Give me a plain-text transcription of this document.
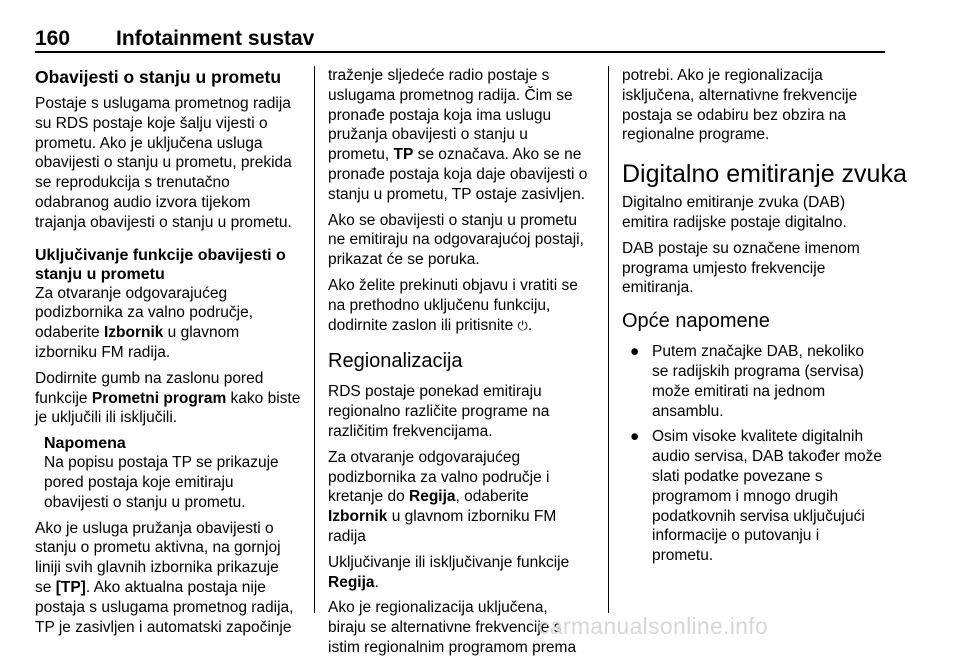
160 Infotainment sustav

Obavijesti o stanju u prometu

Postaje s uslugama prometnog radija

su RDS postaje koje šalju vijesti o

prometu. Ako je uključena usluga

obavijesti o stanju u prometu, prekida

se reprodukcija s trenutačno

odabranog audio izvora tijekom

trajanja obavijesti o stanju u prometu.

Uključivanje funkcije obavijesti o

stanju u prometu

Za otvaranje odgovarajućeg

podizbornika za valno područje,

odaberite Izbornik u glavnom

izborniku FM radija.

Dodirnite gumb na zaslonu pored

funkcije Prometni program kako biste

je uključili ili isključili.

Napomena

Na popisu postaja TP se prikazuje

pored postaja koje emitiraju

obavijesti o stanju u prometu.

Ako je usluga pružanja obavijesti o

stanju o prometu aktivna, na gornjoj

liniji svih glavnih izbornika prikazuje

se [TP]. Ako aktualna postaja nije

postaja s uslugama prometnog radija,

TP je zasivljen i automatski započinje

traženje sljedeće radio postaje s

uslugama prometnog radija. Čim se

pronađe postaja koja ima uslugu

pružanja obavijesti o stanju u

prometu, TP se označava. Ako se ne

pronađe postaja koja daje obavijesti o

stanju u prometu, TP ostaje zasivljen.

Ako se obavijesti o stanju u prometu

ne emitiraju na odgovarajućoj postaji,

prikazat će se poruka.

Ako želite prekinuti objavu i vratiti se

na prethodno uključenu funkciju,

dodirnite zaslon ili pritisnite ⏻.

Regionalizacija

RDS postaje ponekad emitiraju

regionalno različite programe na

različitim frekvencijama.

Za otvaranje odgovarajućeg

podizbornika za valno područje i

kretanje do Regija, odaberite

Izbornik u glavnom izborniku FM

radija

Uključivanje ili isključivanje funkcije

Regija.

Ako je regionalizacija uključena,

biraju se alternativne frekvencije s

istim regionalnim programom prema

potrebi. Ako je regionalizacija

isključena, alternativne frekvencije

postaja se odabiru bez obzira na

regionalne programe.

Digitalno emitiranje zvuka

Digitalno emitiranje zvuka (DAB)

emitira radijske postaje digitalno.

DAB postaje su označene imenom

programa umjesto frekvencije

emitiranja.

Opće napomene

● Putem značajke DAB, nekoliko

se radijskih programa (servisa)

može emitirati na jednom

ansamblu.

● Osim visoke kvalitete digitalnih

audio servisa, DAB također može

slati podatke povezane s

programom i mnogo drugih

podatkovnih servisa uključujući

informacije o putovanju i

prometu.

carmanualsonline.info
